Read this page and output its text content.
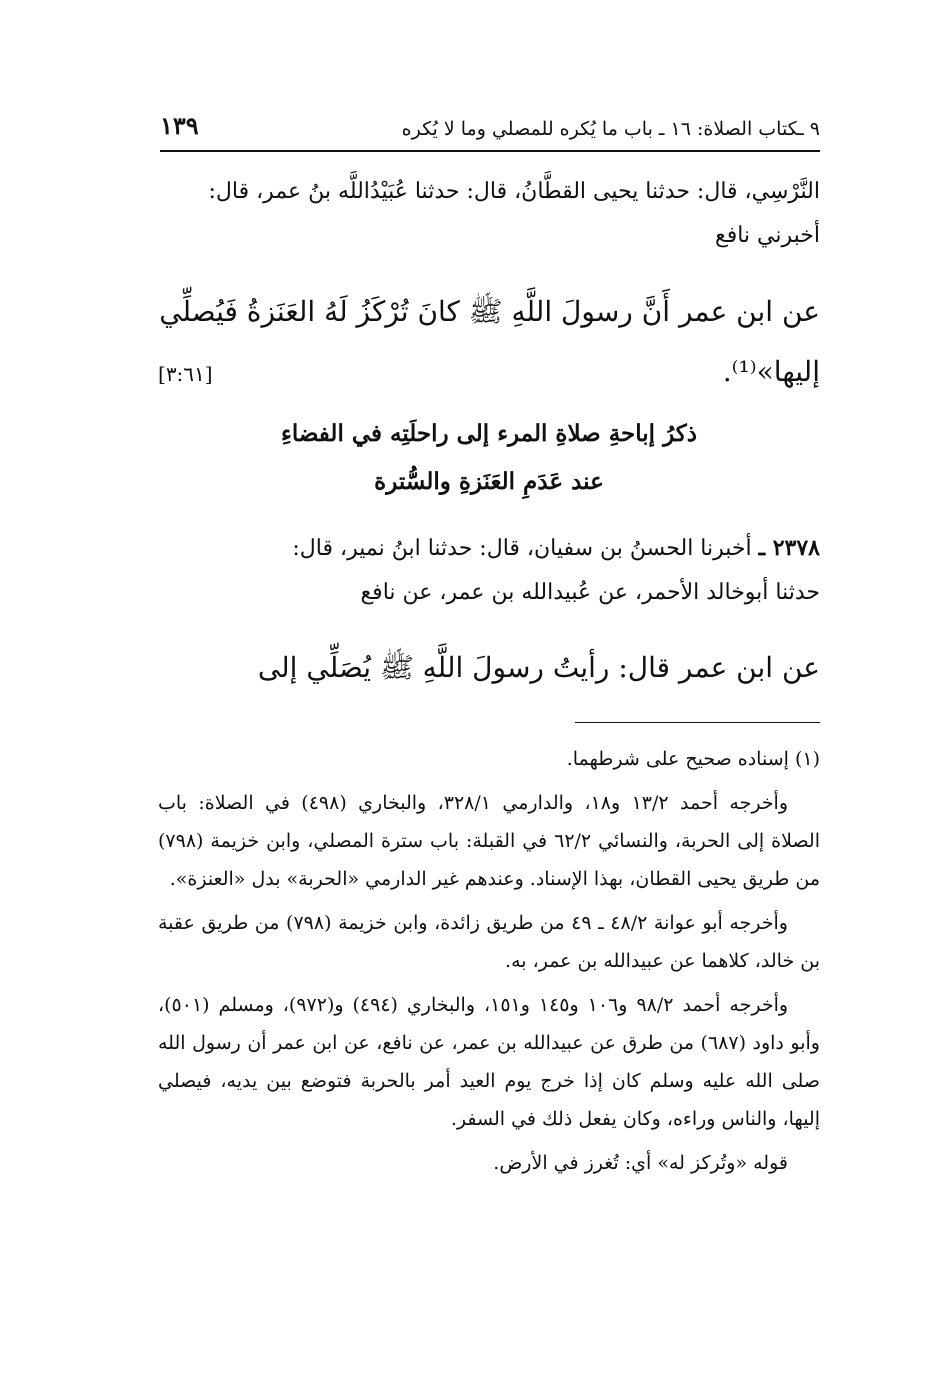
٩ ـكتاب الصلاة: ١٦ ـ باب ما يُكره للمصلي وما لا يُكره
١٣٩
النَّرْسِي، قال: حدثنا يحيى القطَّانُ، قال: حدثنا عُبَيْدُاللَّه بنُ عمر، قال:
أخبرني نافع
عن ابن عمر أَنَّ رسولَ اللَّهِ ﷺ كانَ تُرْكَزُ لَهُ العَنَزةُ فَيُصلِّي
إليها»⁽¹⁾.
[٣:٦١]
ذكرُ إباحةِ صلاةِ المرء إلى راحلَتِه في الفضاءِ
عند عَدَمِ العَنَزةِ والسُّترة
٢٣٧٨ ـ أخبرنا الحسنُ بن سفيان، قال: حدثنا ابنُ نمير، قال:
حدثنا أبوخالد الأحمر، عن عُبيدالله بن عمر، عن نافع
عن ابن عمر قال: رأيتُ رسولَ اللَّهِ ﷺ يُصَلِّي إلى

(١) إسناده صحيح على شرطهما.

وأخرجه أحمد ١٣/٢ و١٨، والدارمي ٣٢٨/١، والبخاري (٤٩٨) في الصلاة: باب الصلاة إلى الحربة، والنسائي ٦٢/٢ في القبلة: باب سترة المصلي، وابن خزيمة (٧٩٨) من طريق يحيى القطان، بهذا الإسناد. وعندهم غير الدارمي «الحربة» بدل «العنزة».

وأخرجه أبو عوانة ٤٨/٢ ـ ٤٩ من طريق زائدة، وابن خزيمة (٧٩٨) من طريق عقبة بن خالد، كلاهما عن عبيدالله بن عمر، به.

وأخرجه أحمد ٩٨/٢ و١٠٦ و١٤٥ و١٥١، والبخاري (٤٩٤) و(٩٧٢)، ومسلم (٥٠١)، وأبو داود (٦٨٧) من طرق عن عبيدالله بن عمر، عن نافع، عن ابن عمر أن رسول الله صلى الله عليه وسلم كان إذا خرج يوم العيد أمر بالحربة فتوضع بين يديه، فيصلي إليها، والناس وراءه، وكان يفعل ذلك في السفر.

قوله «وتُركز له» أي: تُغرز في الأرض.
